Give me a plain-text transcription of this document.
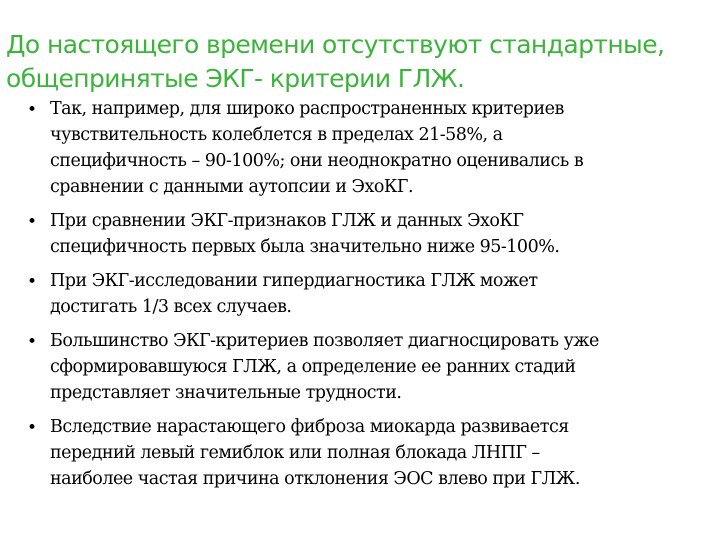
До настоящего времени отсутствуют стандартные,
общепринятые ЭКГ- критерии ГЛЖ.
• Так, например, для широко распространенных критериев
чувствительность колеблется в пределах 21-58%, а
специфичность – 90-100%; они неоднократно оценивались в
сравнении с данными аутопсии и ЭхоКГ.
• При сравнении ЭКГ-признаков ГЛЖ и данных ЭхоКГ
специфичность первых была значительно ниже 95-100%.
• При ЭКГ-исследовании гипердиагностика ГЛЖ может
достигать 1/3 всех случаев.
• Большинство ЭКГ-критериев позволяет диагносцировать уже
сформировавшуюся ГЛЖ, а определение ее ранних стадий
представляет значительные трудности.
• Вследствие нарастающего фиброза миокарда развивается
передний левый гемиблок или полная блокада ЛНПГ –
наиболее частая причина отклонения ЭОС влево при ГЛЖ.
